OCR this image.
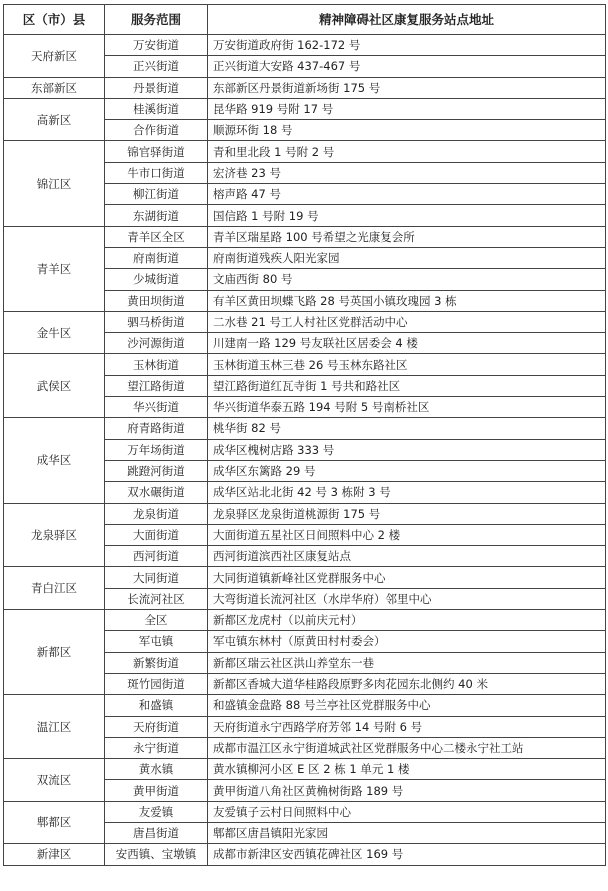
区（市）县	服务范围	精神障碍社区康复服务站点地址
天府新区	万安街道	万安街道政府街 162-172 号
	正兴街道	正兴街道大安路 437-467 号
东部新区	丹景街道	东部新区丹景街道新场街 175 号
高新区	桂溪街道	昆华路 919 号附 17 号
	合作街道	顺源环街 18 号
锦江区	锦官驿街道	青和里北段 1 号附 2 号
	牛市口街道	宏济巷 23 号
	柳江街道	榕声路 47 号
	东湖街道	国信路 1 号附 19 号
青羊区	青羊区全区	青羊区瑞星路 100 号希望之光康复会所
	府南街道	府南街道残疾人阳光家园
	少城街道	文庙西街 80 号
	黄田坝街道	有羊区黄田坝蝶飞路 28 号英国小镇玫瑰园 3 栋
金牛区	驷马桥街道	二水巷 21 号工人村社区党群活动中心
	沙河源街道	川建南一路 129 号友联社区居委会 4 楼
武侯区	玉林街道	玉林街道玉林三巷 26 号玉林东路社区
	望江路街道	望江路街道红瓦寺街 1 号共和路社区
	华兴街道	华兴街道华泰五路 194 号附 5 号南桥社区
成华区	府青路街道	桃华街 82 号
	万年场街道	成华区槐树店路 333 号
	跳蹬河街道	成华区东篱路 29 号
	双水碾街道	成华区站北北街 42 号 3 栋附 3 号
龙泉驿区	龙泉街道	龙泉驿区龙泉街道桃源街 175 号
	大面街道	大面街道五星社区日间照料中心 2 楼
	西河街道	西河街道滨西社区康复站点
青白江区	大同街道	大同街道镇新峰社区党群服务中心
	长流河社区	大弯街道长流河社区（水岸华府）邻里中心
新都区	全区	新都区龙虎村（以前庆元村）
	军屯镇	军屯镇东林村（原黄田村村委会）
	新繁街道	新都区瑞云社区洪山养堂东一巷
	斑竹园街道	新都区香城大道华桂路段原野多肉花园东北侧约 40 米
温江区	和盛镇	和盛镇金盘路 88 号兰亭社区党群服务中心
	天府街道	天府街道永宁西路学府芳邻 14 号附 6 号
	永宁街道	成都市温江区永宁街道城武社区党群服务中心二楼永宁社工站
双流区	黄水镇	黄水镇柳河小区 E 区 2 栋 1 单元 1 楼
	黄甲街道	黄甲街道八角社区黄桷树街路 189 号
郫都区	友爱镇	友爱镇子云村日间照料中心
	唐昌街道	郫都区唐昌镇阳光家园
新津区	安西镇、宝墩镇	成都市新津区安西镇花碑社区 169 号
